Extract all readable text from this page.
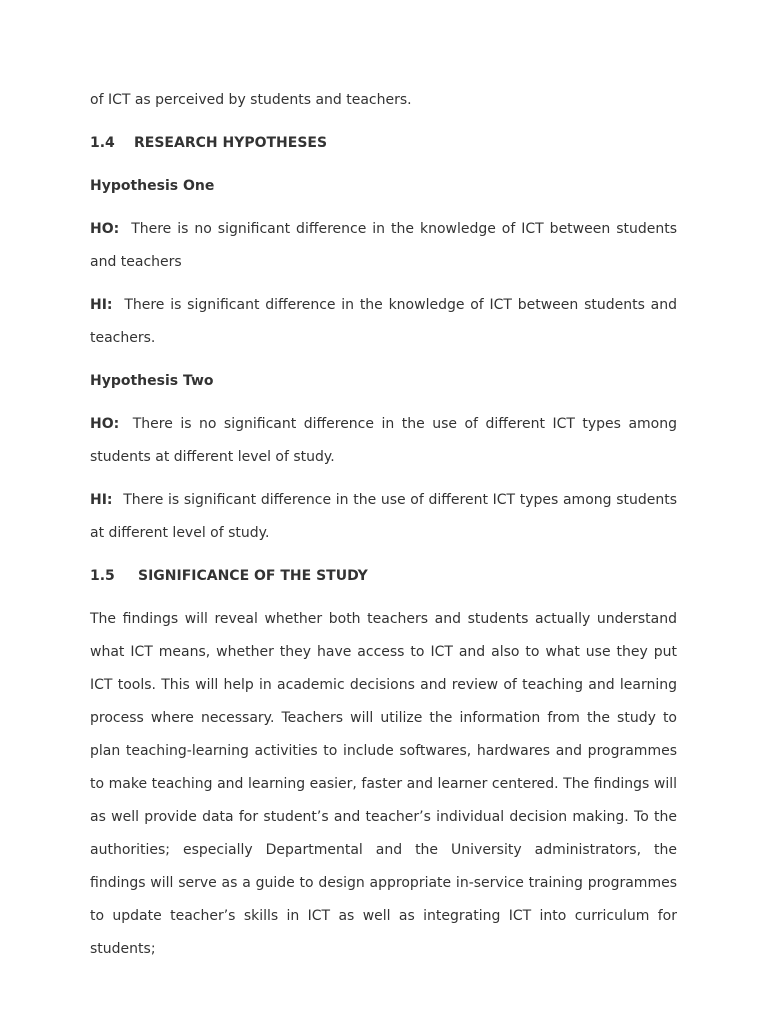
of ICT as perceived by students and teachers.

1.4 RESEARCH HYPOTHESES

Hypothesis One

HO: There is no significant difference in the knowledge of ICT between students and teachers

HI: There is significant difference in the knowledge of ICT between students and teachers.

Hypothesis Two

HO: There is no significant difference in the use of different ICT types among students at different level of study.

HI: There is significant difference in the use of different ICT types among students at different level of study.

1.5 SIGNIFICANCE OF THE STUDY

The findings will reveal whether both teachers and students actually understand what ICT means, whether they have access to ICT and also to what use they put ICT tools. This will help in academic decisions and review of teaching and learning process where necessary. Teachers will utilize the information from the study to plan teaching-learning activities to include softwares, hardwares and programmes to make teaching and learning easier, faster and learner centered. The findings will as well provide data for student’s and teacher’s individual decision making. To the authorities; especially Departmental and the University administrators, the findings will serve as a guide to design appropriate in-service training programmes to update teacher’s skills in ICT as well as integrating ICT into curriculum for students;
